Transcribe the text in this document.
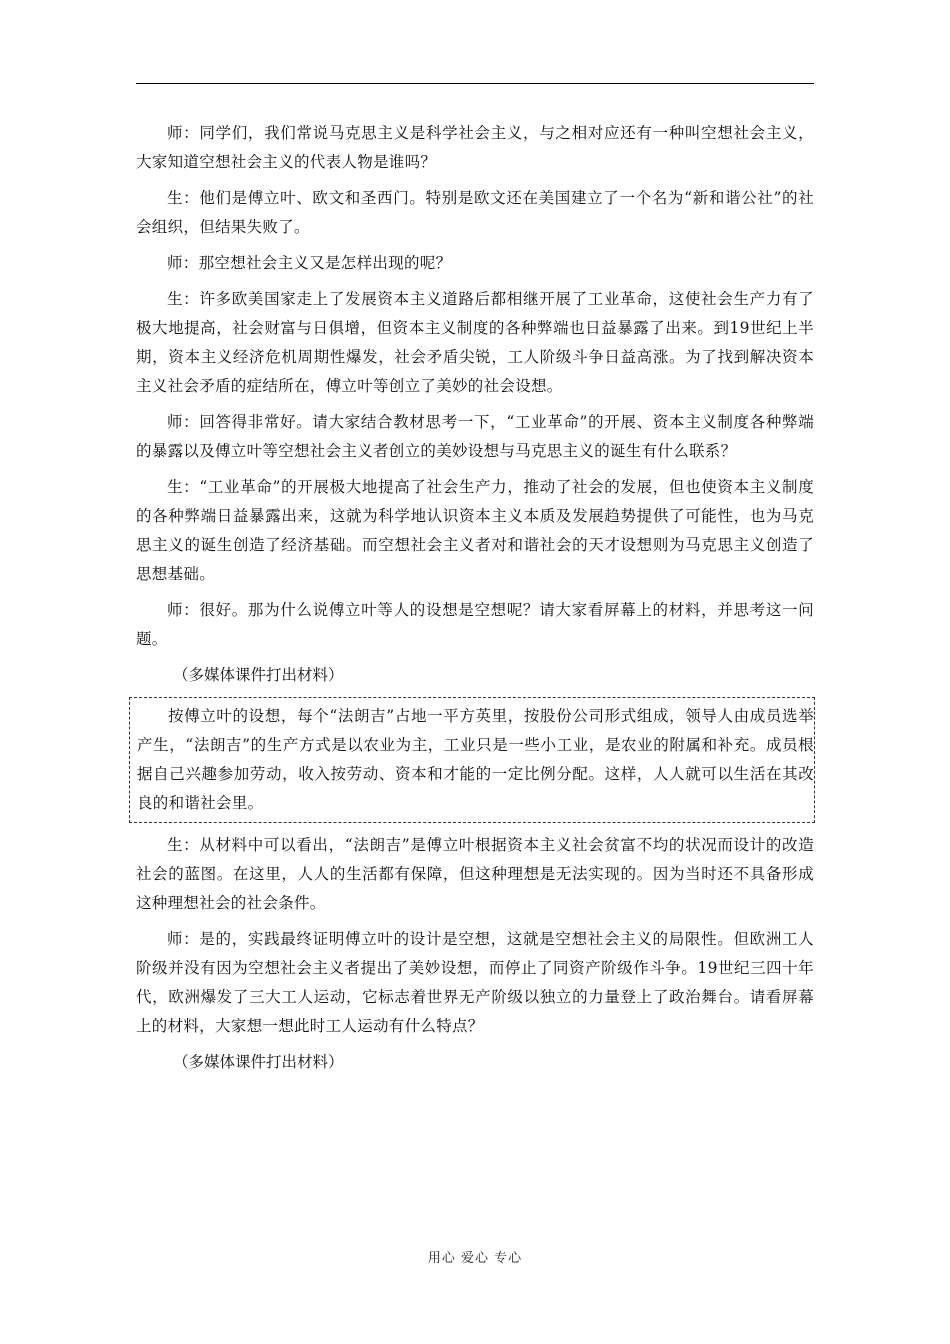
师：同学们，我们常说马克思主义是科学社会主义，与之相对应还有一种叫空想社会主义，大家知道空想社会主义的代表人物是谁吗？

生：他们是傅立叶、欧文和圣西门。特别是欧文还在美国建立了一个名为“新和谐公社”的社会组织，但结果失败了。

师：那空想社会主义又是怎样出现的呢？

生：许多欧美国家走上了发展资本主义道路后都相继开展了工业革命，这使社会生产力有了极大地提高，社会财富与日俱增，但资本主义制度的各种弊端也日益暴露了出来。到19世纪上半期，资本主义经济危机周期性爆发，社会矛盾尖锐，工人阶级斗争日益高涨。为了找到解决资本主义社会矛盾的症结所在，傅立叶等创立了美妙的社会设想。

师：回答得非常好。请大家结合教材思考一下，“工业革命”的开展、资本主义制度各种弊端的暴露以及傅立叶等空想社会主义者创立的美妙设想与马克思主义的诞生有什么联系？

生：“工业革命”的开展极大地提高了社会生产力，推动了社会的发展，但也使资本主义制度的各种弊端日益暴露出来，这就为科学地认识资本主义本质及发展趋势提供了可能性，也为马克思主义的诞生创造了经济基础。而空想社会主义者对和谐社会的天才设想则为马克思主义创造了思想基础。

师：很好。那为什么说傅立叶等人的设想是空想呢？请大家看屏幕上的材料，并思考这一问题。

（多媒体课件打出材料）

按傅立叶的设想，每个“法朗吉”占地一平方英里，按股份公司形式组成，领导人由成员选举产生，“法朗吉”的生产方式是以农业为主，工业只是一些小工业，是农业的附属和补充。成员根据自己兴趣参加劳动，收入按劳动、资本和才能的一定比例分配。这样，人人就可以生活在其改良的和谐社会里。

生：从材料中可以看出，“法朗吉”是傅立叶根据资本主义社会贫富不均的状况而设计的改造社会的蓝图。在这里，人人的生活都有保障，但这种理想是无法实现的。因为当时还不具备形成这种理想社会的社会条件。

师：是的，实践最终证明傅立叶的设计是空想，这就是空想社会主义的局限性。但欧洲工人阶级并没有因为空想社会主义者提出了美妙设想，而停止了同资产阶级作斗争。19世纪三四十年代，欧洲爆发了三大工人运动，它标志着世界无产阶级以独立的力量登上了政治舞台。请看屏幕上的材料，大家想一想此时工人运动有什么特点？

（多媒体课件打出材料）

用心 爱心 专心
